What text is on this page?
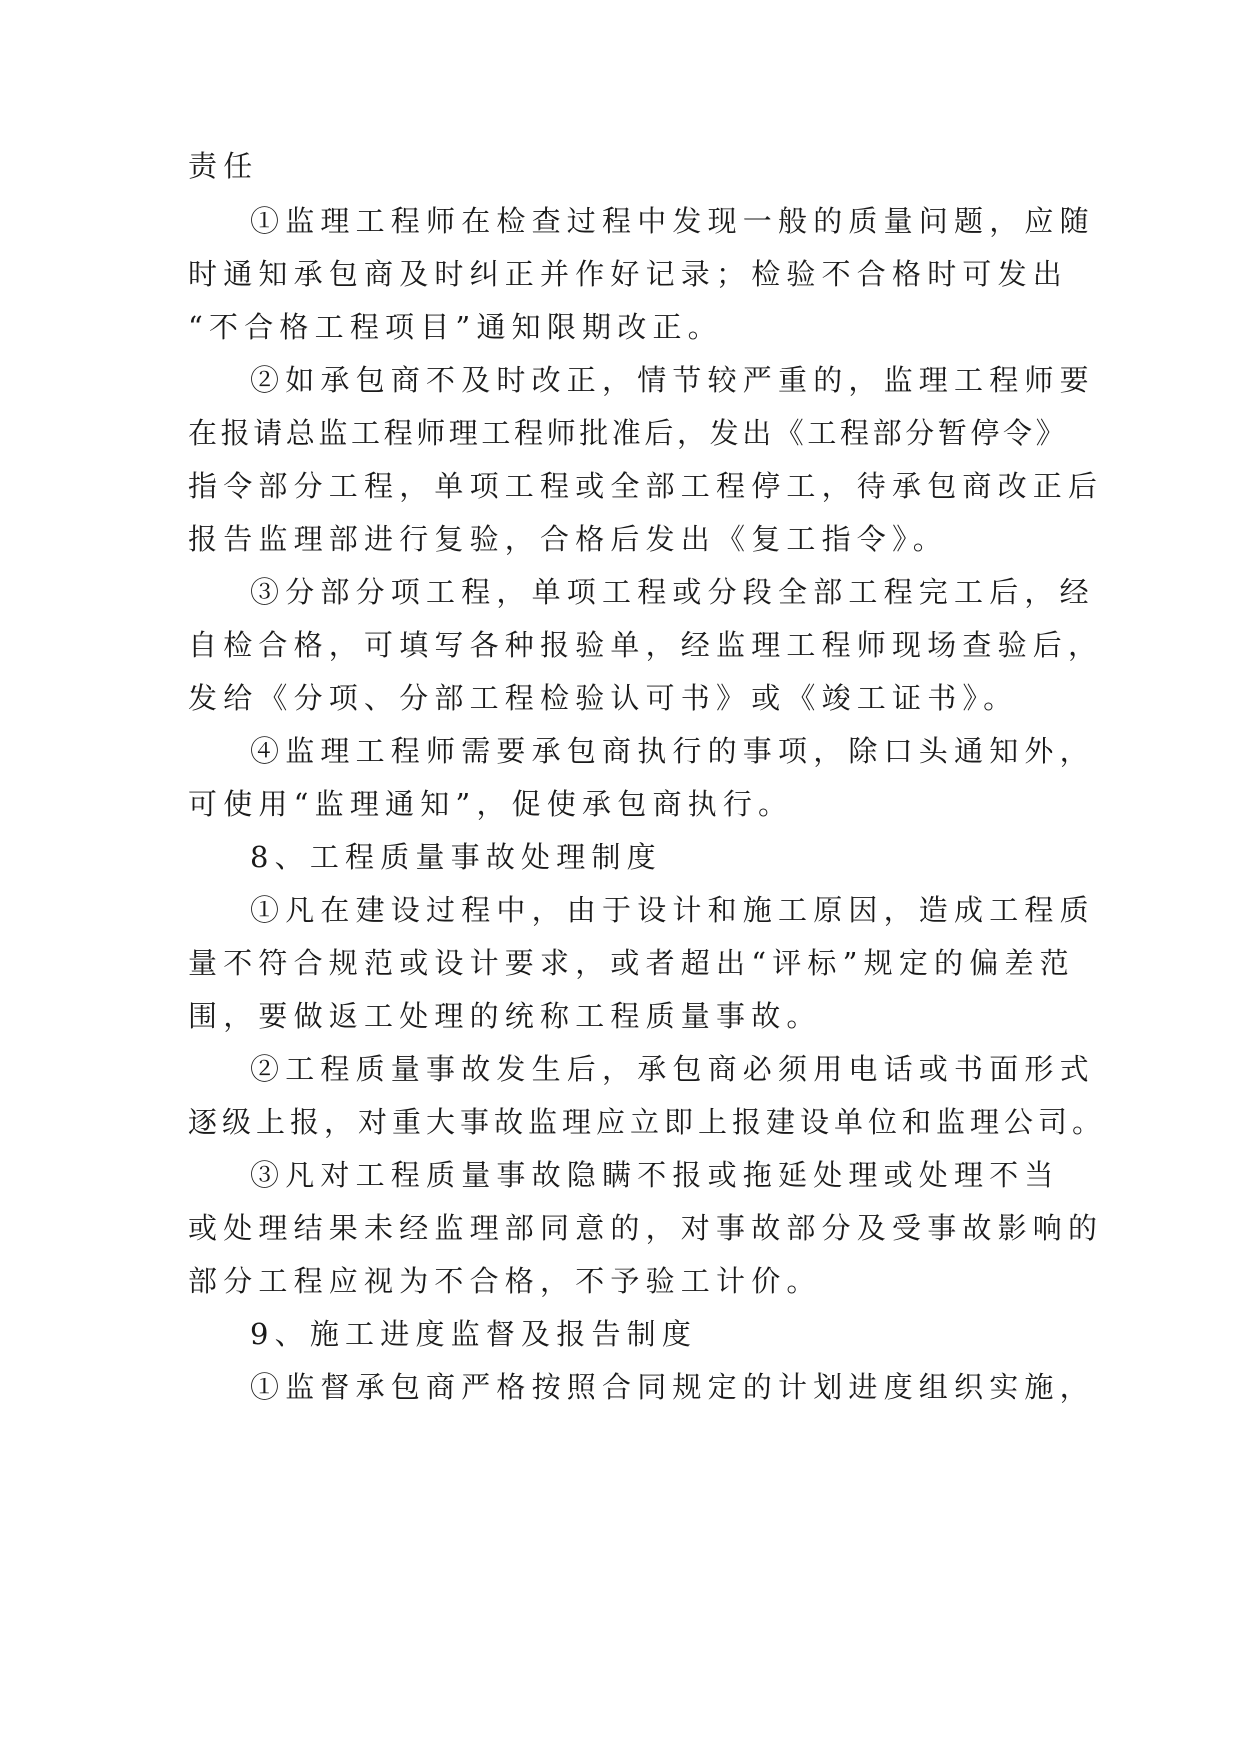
责任

①监理工程师在检查过程中发现一般的质量问题，应随

时通知承包商及时纠正并作好记录；检验不合格时可发出

“不合格工程项目”通知限期改正。

②如承包商不及时改正，情节较严重的，监理工程师要

在报请总监工程师理工程师批准后，发出《工程部分暂停令》

指令部分工程，单项工程或全部工程停工，待承包商改正后

报告监理部进行复验，合格后发出《复工指令》。

③分部分项工程，单项工程或分段全部工程完工后，经

自检合格，可填写各种报验单，经监理工程师现场查验后，

发给《分项、分部工程检验认可书》或《竣工证书》。

④监理工程师需要承包商执行的事项，除口头通知外，

可使用“监理通知”，促使承包商执行。

8、工程质量事故处理制度

①凡在建设过程中，由于设计和施工原因，造成工程质

量不符合规范或设计要求，或者超出“评标”规定的偏差范

围，要做返工处理的统称工程质量事故。

②工程质量事故发生后，承包商必须用电话或书面形式

逐级上报，对重大事故监理应立即上报建设单位和监理公司。

③凡对工程质量事故隐瞒不报或拖延处理或处理不当

或处理结果未经监理部同意的，对事故部分及受事故影响的

部分工程应视为不合格，不予验工计价。

9、施工进度监督及报告制度

①监督承包商严格按照合同规定的计划进度组织实施，
